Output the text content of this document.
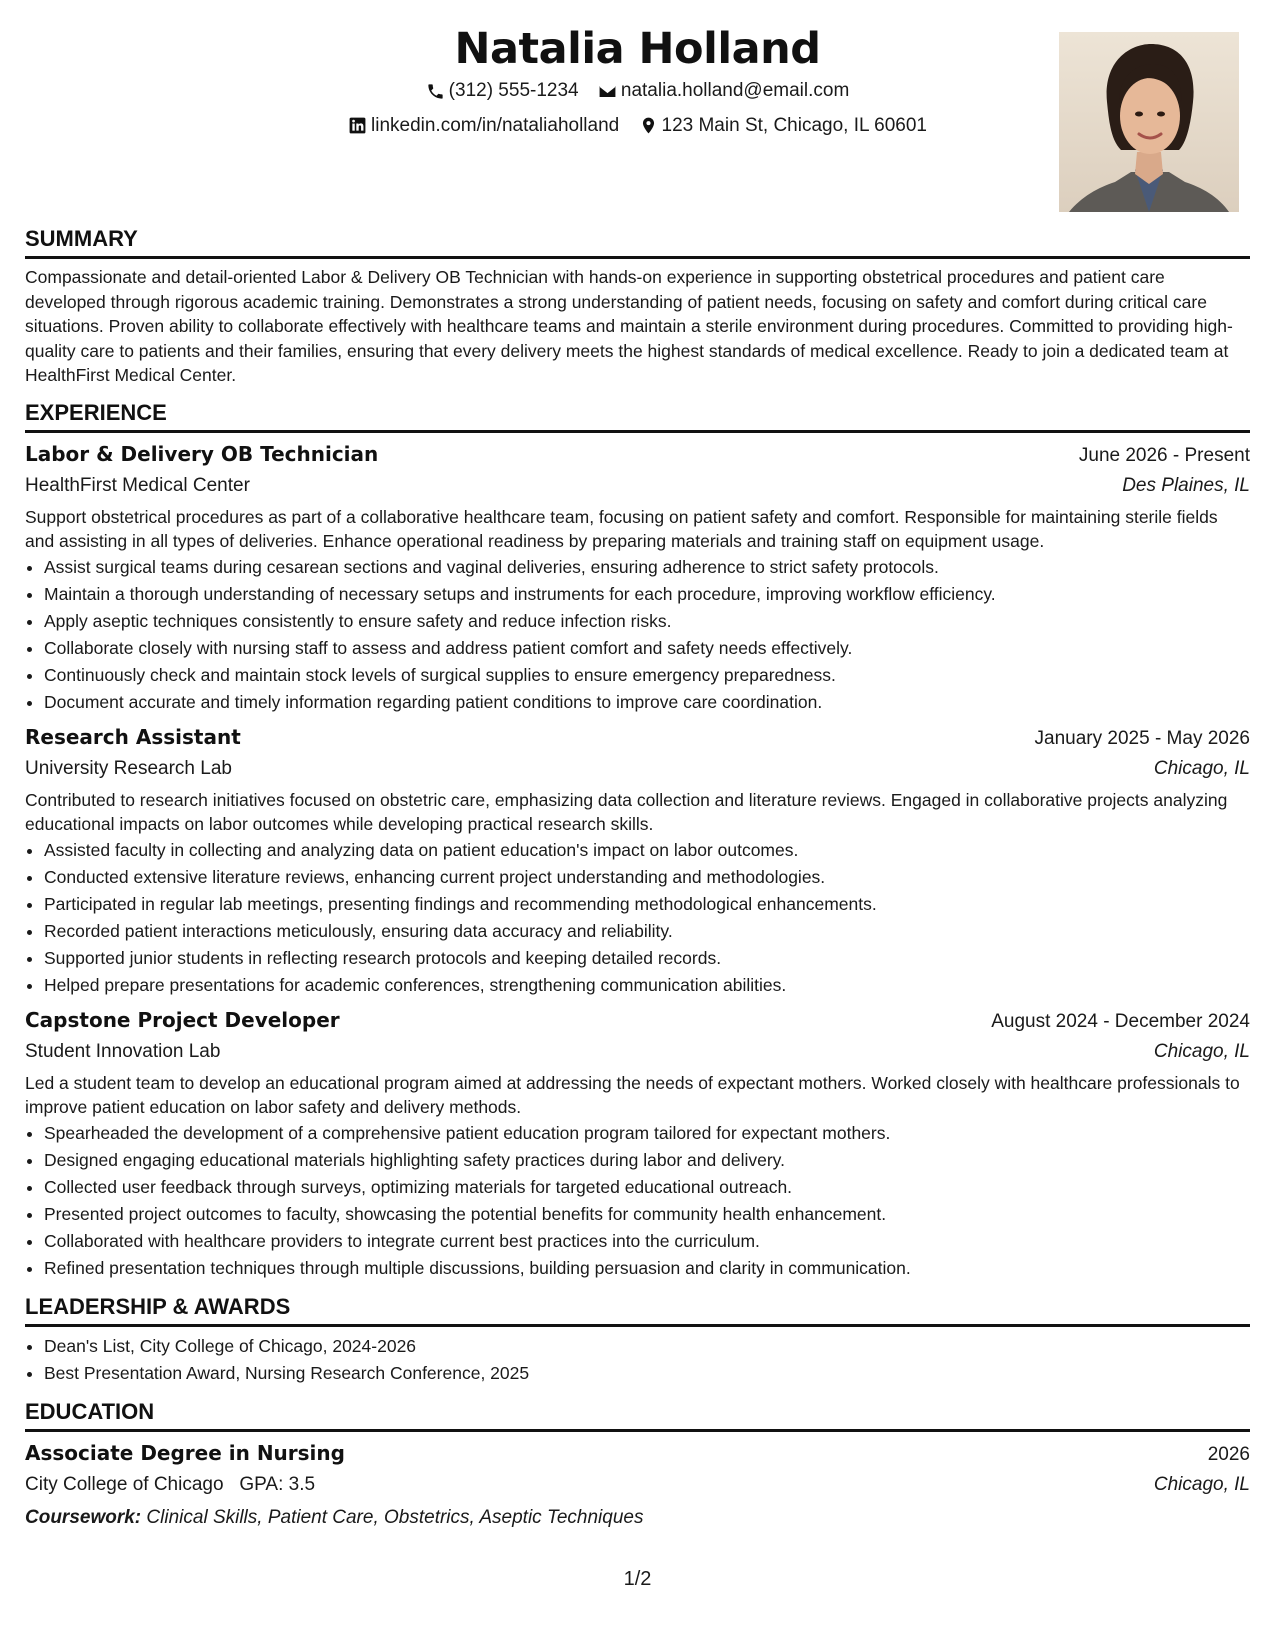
Natalia Holland
(312) 555-1234
natalia.holland@email.com
linkedin.com/in/nataliaholland
123 Main St, Chicago, IL 60601
SUMMARY

Compassionate and detail-oriented Labor & Delivery OB Technician with hands-on experience in supporting obstetrical procedures and patient care developed through rigorous academic training. Demonstrates a strong understanding of patient needs, focusing on safety and comfort during critical care situations. Proven ability to collaborate effectively with healthcare teams and maintain a sterile environment during procedures. Committed to providing high-quality care to patients and their families, ensuring that every delivery meets the highest standards of medical excellence. Ready to join a dedicated team at HealthFirst Medical Center.

EXPERIENCE
Labor & Delivery OB Technician	June 2026 - Present
HealthFirst Medical Center	Des Plaines, IL

Support obstetrical procedures as part of a collaborative healthcare team, focusing on patient safety and comfort. Responsible for maintaining sterile fields and assisting in all types of deliveries. Enhance operational readiness by preparing materials and training staff on equipment usage.

• Assist surgical teams during cesarean sections and vaginal deliveries, ensuring adherence to strict safety protocols.
• Maintain a thorough understanding of necessary setups and instruments for each procedure, improving workflow efficiency.
• Apply aseptic techniques consistently to ensure safety and reduce infection risks.
• Collaborate closely with nursing staff to assess and address patient comfort and safety needs effectively.
• Continuously check and maintain stock levels of surgical supplies to ensure emergency preparedness.
• Document accurate and timely information regarding patient conditions to improve care coordination.
Research Assistant	January 2025 - May 2026
University Research Lab	Chicago, IL

Contributed to research initiatives focused on obstetric care, emphasizing data collection and literature reviews. Engaged in collaborative projects analyzing educational impacts on labor outcomes while developing practical research skills.

• Assisted faculty in collecting and analyzing data on patient education's impact on labor outcomes.
• Conducted extensive literature reviews, enhancing current project understanding and methodologies.
• Participated in regular lab meetings, presenting findings and recommending methodological enhancements.
• Recorded patient interactions meticulously, ensuring data accuracy and reliability.
• Supported junior students in reflecting research protocols and keeping detailed records.
• Helped prepare presentations for academic conferences, strengthening communication abilities.
Capstone Project Developer	August 2024 - December 2024
Student Innovation Lab	Chicago, IL

Led a student team to develop an educational program aimed at addressing the needs of expectant mothers. Worked closely with healthcare professionals to improve patient education on labor safety and delivery methods.

• Spearheaded the development of a comprehensive patient education program tailored for expectant mothers.
• Designed engaging educational materials highlighting safety practices during labor and delivery.
• Collected user feedback through surveys, optimizing materials for targeted educational outreach.
• Presented project outcomes to faculty, showcasing the potential benefits for community health enhancement.
• Collaborated with healthcare providers to integrate current best practices into the curriculum.
• Refined presentation techniques through multiple discussions, building persuasion and clarity in communication.
LEADERSHIP & AWARDS
• Dean's List, City College of Chicago, 2024-2026
• Best Presentation Award, Nursing Research Conference, 2025
EDUCATION
Associate Degree in Nursing	2026
City College of Chicago GPA: 3.5	Chicago, IL
Coursework: Clinical Skills, Patient Care, Obstetrics, Aseptic Techniques
1/2
